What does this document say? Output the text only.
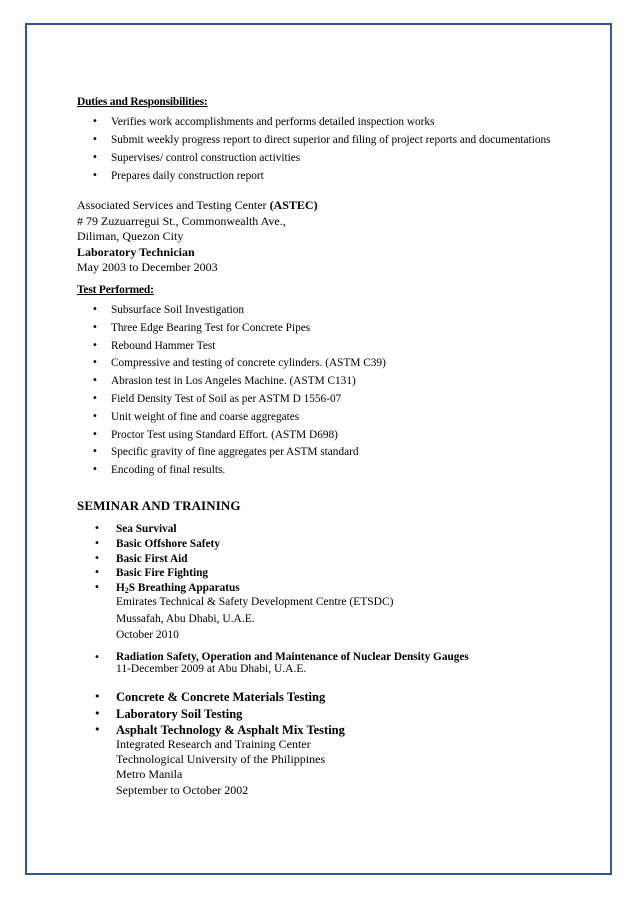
Duties and Responsibilities:
• Verifies work accomplishments and performs detailed inspection works
• Submit weekly progress report to direct superior and filing of project reports and documentations
• Supervises/ control construction activities
• Prepares daily construction report
Associated Services and Testing Center (ASTEC)
# 79 Zuzuarregui St., Commonwealth Ave.,
Diliman, Quezon City
Laboratory Technician
May 2003 to December 2003
Test Performed:
• Subsurface Soil Investigation
• Three Edge Bearing Test for Concrete Pipes
• Rebound Hammer Test
• Compressive and testing of concrete cylinders. (ASTM C39)
• Abrasion test in Los Angeles Machine. (ASTM C131)
• Field Density Test of Soil as per ASTM D 1556-07
• Unit weight of fine and coarse aggregates
• Proctor Test using Standard Effort. (ASTM D698)
• Specific gravity of fine aggregates per ASTM standard
• Encoding of final results.
SEMINAR AND TRAINING
• Sea Survival
• Basic Offshore Safety
• Basic First Aid
• Basic Fire Fighting
• $H_2S$ Breathing Apparatus
Emirates Technical & Safety Development Centre (ETSDC)
Mussafah, Abu Dhabi, U.A.E.
October 2010
• Radiation Safety, Operation and Maintenance of Nuclear Density Gauges
11-December 2009 at Abu Dhabi, U.A.E.
• Concrete & Concrete Materials Testing
• Laboratory Soil Testing
• Asphalt Technology & Asphalt Mix Testing
Integrated Research and Training Center
Technological University of the Philippines
Metro Manila
September to October 2002
